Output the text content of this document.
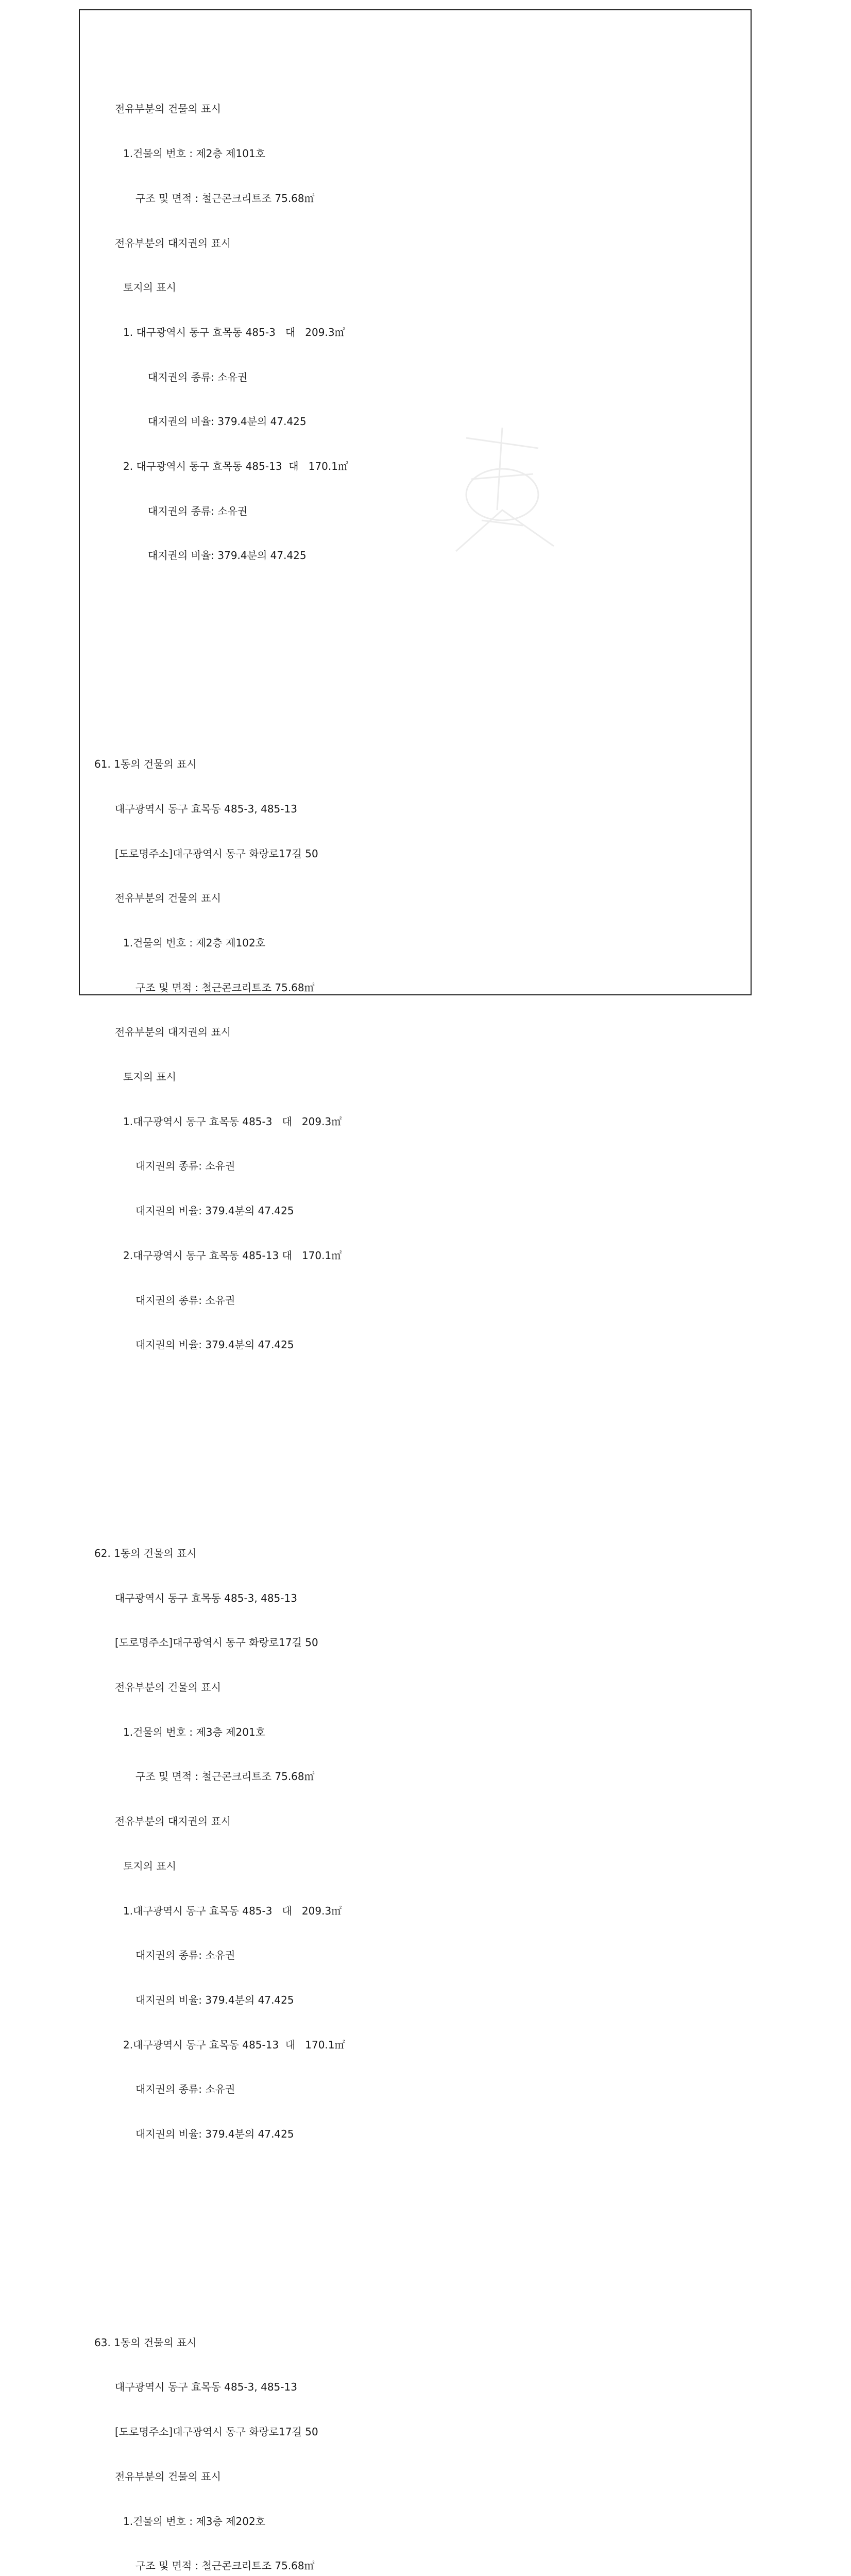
전유부분의 건물의 표시

1.건물의 번호 : 제2층 제101호

구조 및 면적 : 철근콘크리트조 75.68㎡

전유부분의 대지권의 표시

토지의 표시

1. 대구광역시 동구 효목동 485-3   대   209.3㎡

대지권의 종류: 소유권

대지권의 비율: 379.4분의 47.425

2. 대구광역시 동구 효목동 485-13  대   170.1㎡

대지권의 종류: 소유권

대지권의 비율: 379.4분의 47.425

61. 1동의 건물의 표시

대구광역시 동구 효목동 485-3, 485-13

[도로명주소]대구광역시 동구 화랑로17길 50

전유부분의 건물의 표시

1.건물의 번호 : 제2층 제102호

구조 및 면적 : 철근콘크리트조 75.68㎡

전유부분의 대지권의 표시

토지의 표시

1.대구광역시 동구 효목동 485-3   대   209.3㎡

대지권의 종류: 소유권

대지권의 비율: 379.4분의 47.425

2.대구광역시 동구 효목동 485-13 대   170.1㎡

대지권의 종류: 소유권

대지권의 비율: 379.4분의 47.425

62. 1동의 건물의 표시

대구광역시 동구 효목동 485-3, 485-13

[도로명주소]대구광역시 동구 화랑로17길 50

전유부분의 건물의 표시

1.건물의 번호 : 제3층 제201호

구조 및 면적 : 철근콘크리트조 75.68㎡

전유부분의 대지권의 표시

토지의 표시

1.대구광역시 동구 효목동 485-3   대   209.3㎡

대지권의 종류: 소유권

대지권의 비율: 379.4분의 47.425

2.대구광역시 동구 효목동 485-13  대   170.1㎡

대지권의 종류: 소유권

대지권의 비율: 379.4분의 47.425

63. 1동의 건물의 표시

대구광역시 동구 효목동 485-3, 485-13

[도로명주소]대구광역시 동구 화랑로17길 50

전유부분의 건물의 표시

1.건물의 번호 : 제3층 제202호

구조 및 면적 : 철근콘크리트조 75.68㎡
